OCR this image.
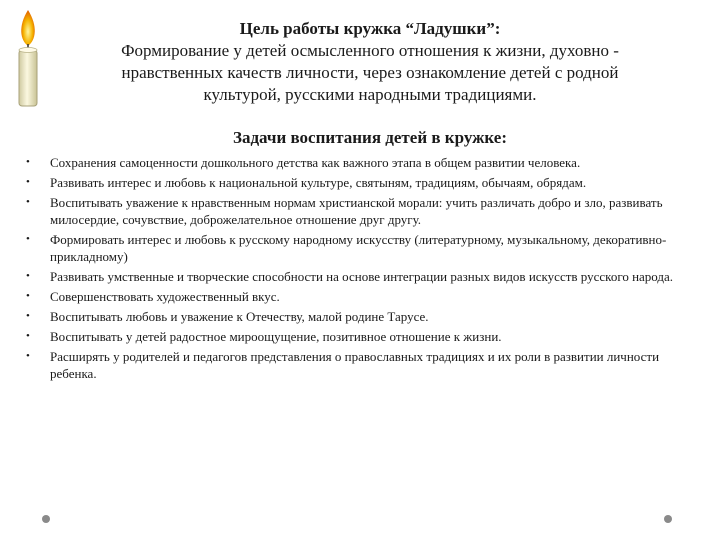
Цель работы кружка “Ладушки”:
Формирование у детей осмысленного отношения к жизни, духовно -
нравственных качеств личности, через ознакомление детей с родной
культурой, русскими народными традициями.
Задачи воспитания детей в кружке:
• Сохранения самоценности дошкольного детства как важного этапа в общем развитии человека.
• Развивать интерес и любовь к национальной культуре, святыням, традициям, обычаям, обрядам.
• Воспитывать уважение к нравственным нормам христианской морали: учить различать добро и зло, развивать милосердие, сочувствие, доброжелательное отношение друг другу.
• Формировать интерес и любовь к русскому народному искусству (литературному, музыкальному, декоративно-прикладному)
• Развивать умственные и творческие способности на основе интеграции разных видов искусств русского народа.
• Совершенствовать художественный вкус.
• Воспитывать любовь и уважение к Отечеству, малой родине Тарусе.
• Воспитывать у детей радостное мироощущение, позитивное отношение к жизни.
• Расширять у родителей и педагогов представления о православных традициях и их роли в развитии личности ребенка.
